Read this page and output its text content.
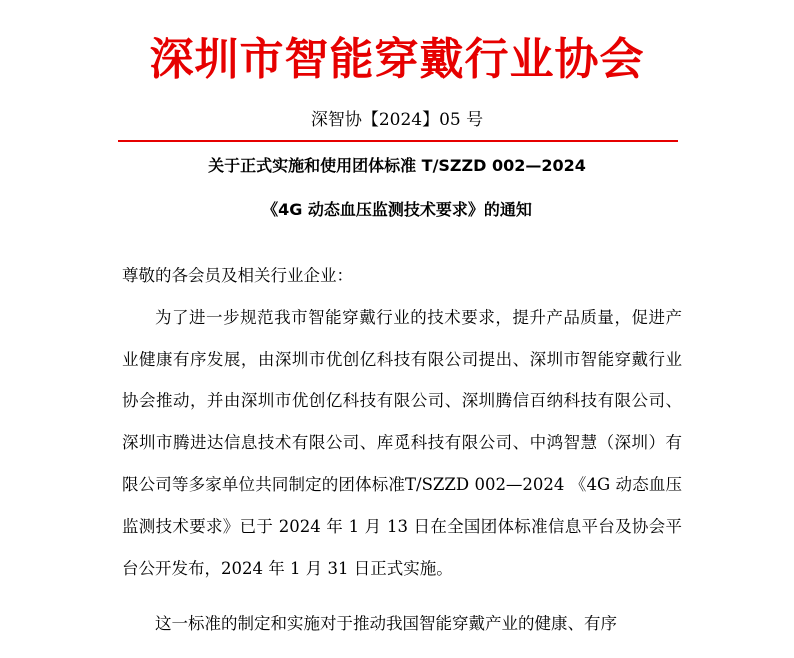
深圳市智能穿戴行业协会
深智协【2024】05 号
关于正式实施和使用团体标准 T/SZZD 002—2024
《4G 动态血压监测技术要求》的通知

尊敬的各会员及相关行业企业：

为了进一步规范我市智能穿戴行业的技术要求，提升产品质量，促进产业健康有序发展，由深圳市优创亿科技有限公司提出、深圳市智能穿戴行业协会推动，并由深圳市优创亿科技有限公司、深圳腾信百纳科技有限公司、深圳市腾进达信息技术有限公司、库觅科技有限公司、中鸿智慧（深圳）有限公司等多家单位共同制定的团体标准T/SZZD 002—2024 《4G 动态血压监测技术要求》已于 2024 年 1 月 13 日在全国团体标准信息平台及协会平台公开发布，2024 年 1 月 31 日正式实施。

这一标准的制定和实施对于推动我国智能穿戴产业的健康、有序
